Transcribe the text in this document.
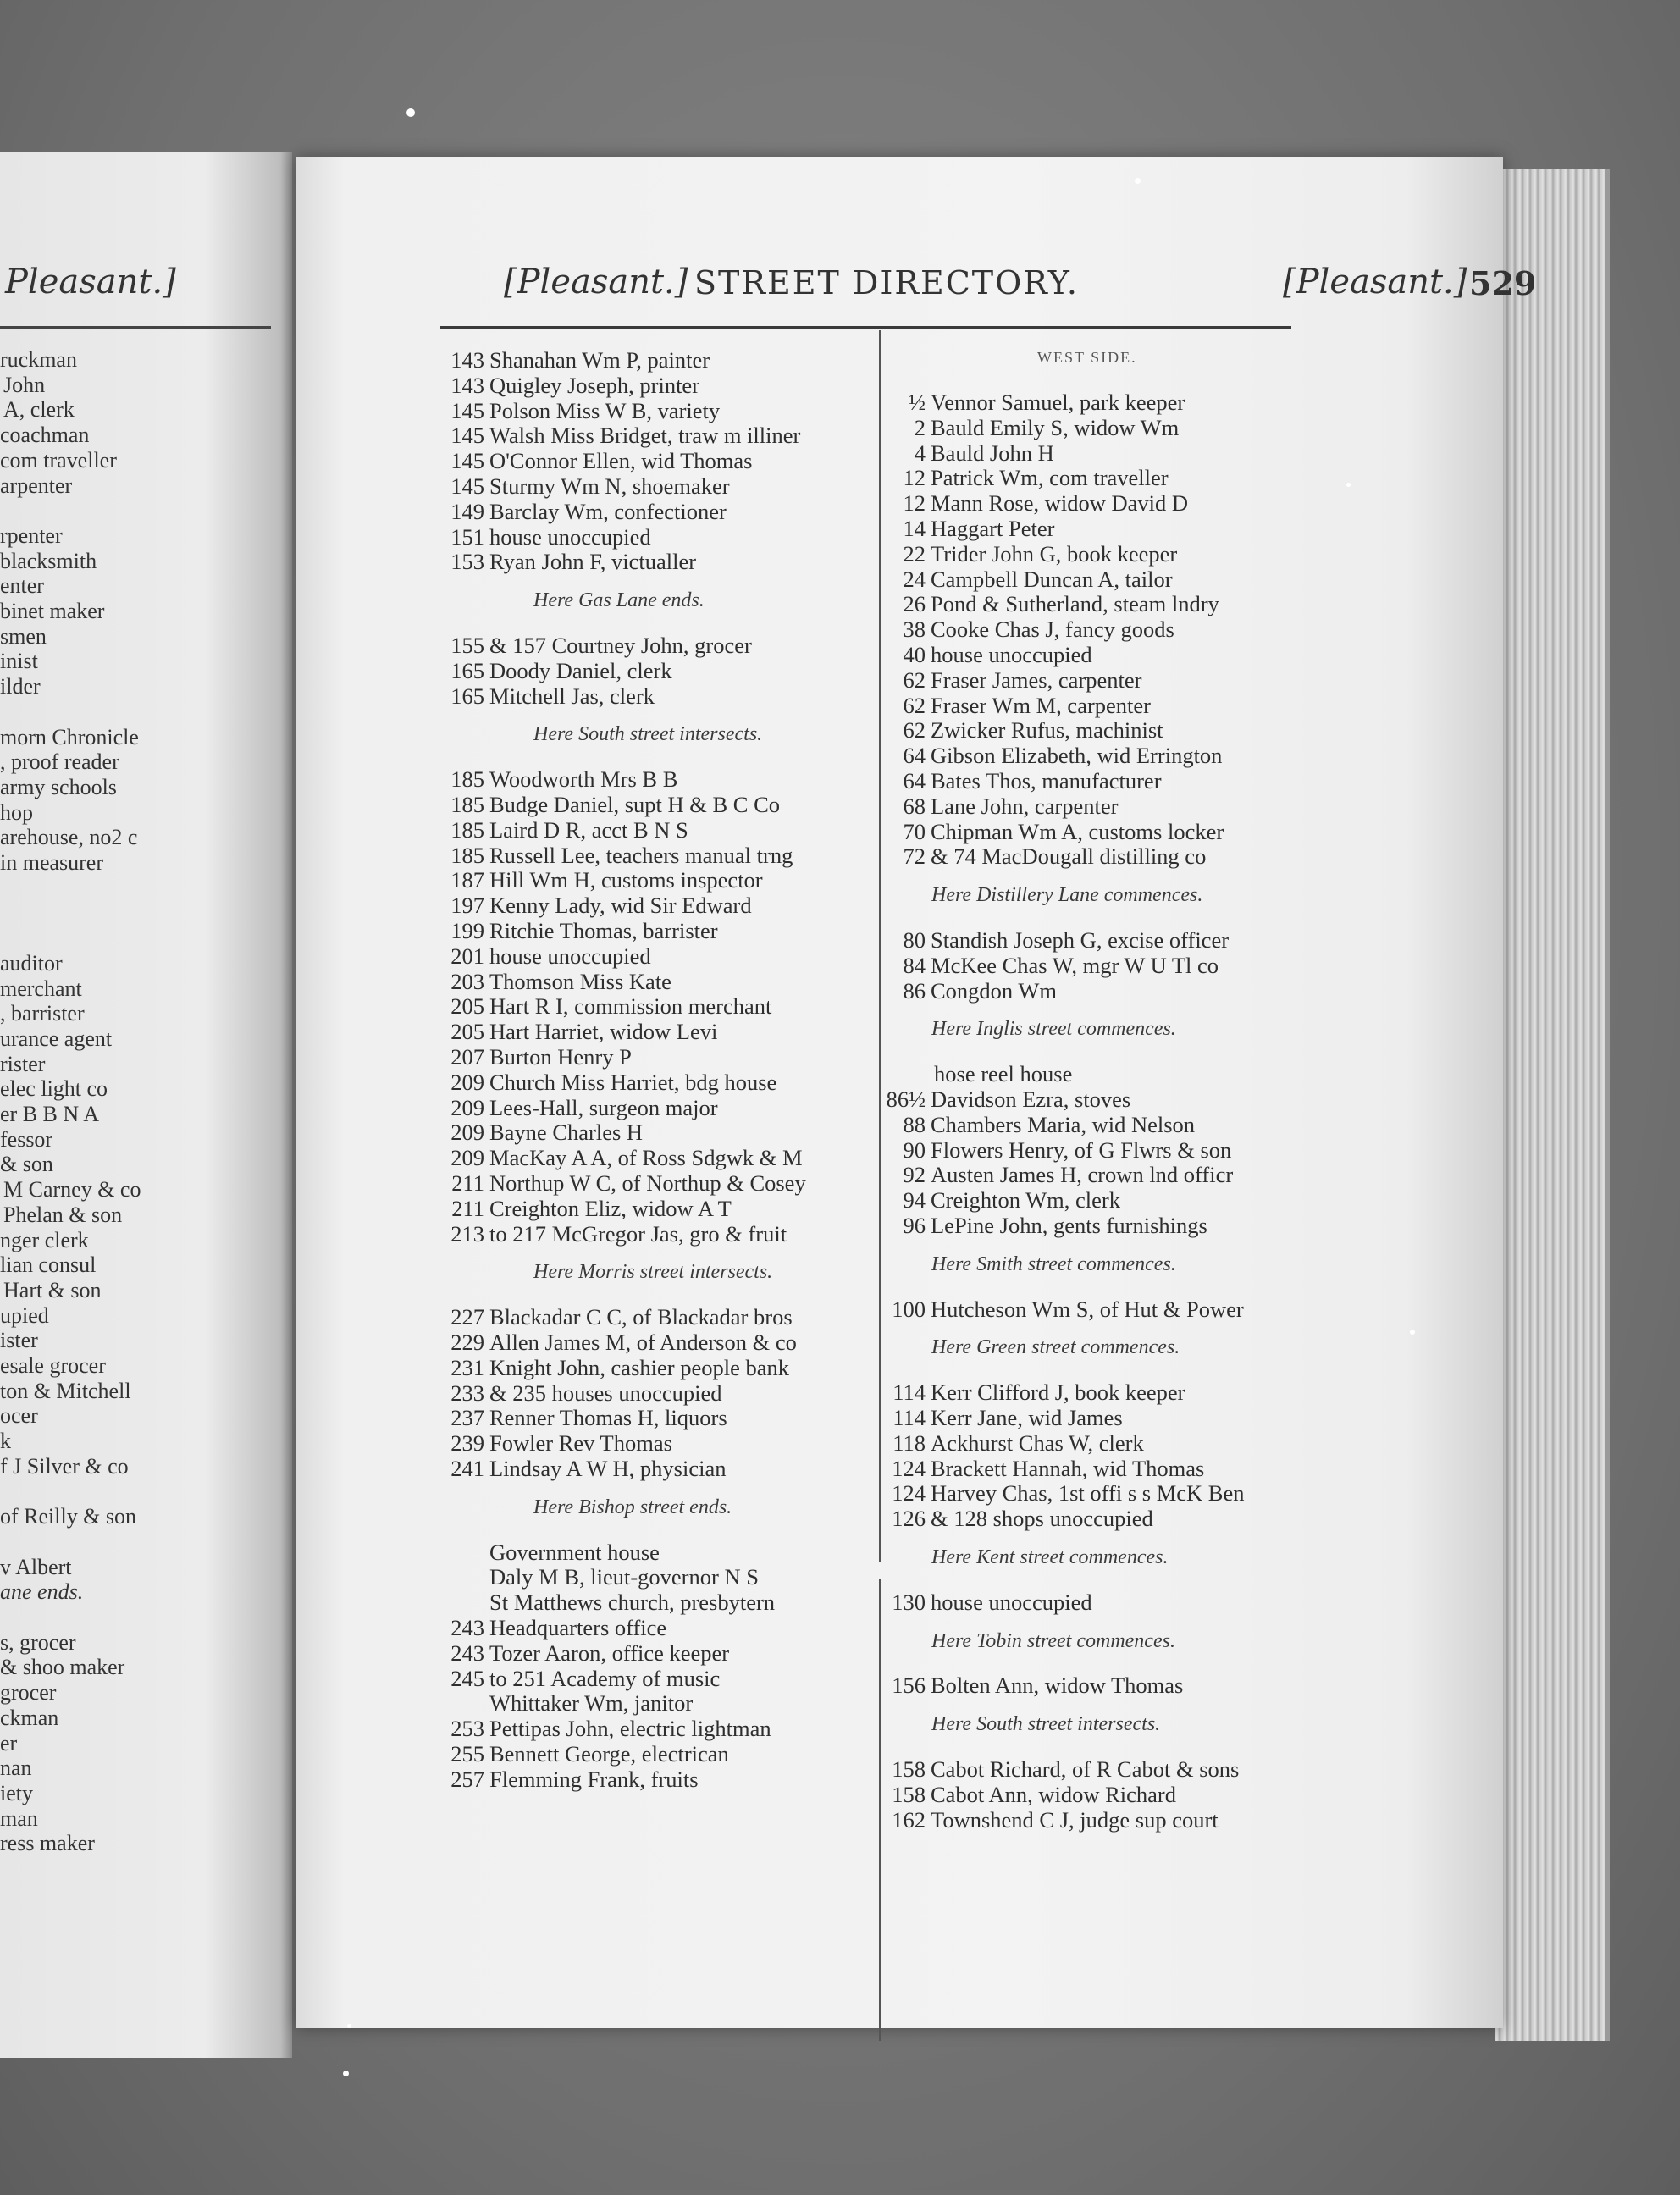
Pleasant.]
ruckman
John
A, clerk
coachman
com traveller
arpenter
rpenter
blacksmith
enter
binet maker
smen
inist
ilder
morn Chronicle
, proof reader
army schools
hop
arehouse, no2 c
in measurer
auditor
merchant
, barrister
urance agent
rister
elec light co
er B B N A
fessor
& son
M Carney & co
Phelan & son
nger clerk
lian consul
Hart & son
upied
ister
esale grocer
ton & Mitchell
ocer
k
f J Silver & co
of Reilly & son
v Albert
ane ends.
s, grocer
& shoo maker
grocer
ckman
er
nan
iety
man
ress maker
[Pleasant.] STREET DIRECTORY.	[Pleasant.] 529
143 Shanahan Wm P, painter
143 Quigley Joseph, printer
145 Polson Miss W B, variety
145 Walsh Miss Bridget, traw m illiner
145 O'Connor Ellen, wid Thomas
145 Sturmy Wm N, shoemaker
149 Barclay Wm, confectioner
151 house unoccupied
153 Ryan John F, victualler
Here Gas Lane ends.
155 & 157 Courtney John, grocer
165 Doody Daniel, clerk
165 Mitchell Jas, clerk
Here South street intersects.
185 Woodworth Mrs B B
185 Budge Daniel, supt H & B C Co
185 Laird D R, acct B N S
185 Russell Lee, teachers manual trng
187 Hill Wm H, customs inspector
197 Kenny Lady, wid Sir Edward
199 Ritchie Thomas, barrister
201 house unoccupied
203 Thomson Miss Kate
205 Hart R I, commission merchant
205 Hart Harriet, widow Levi
207 Burton Henry P
209 Church Miss Harriet, bdg house
209 Lees-Hall, surgeon major
209 Bayne Charles H
209 MacKay A A, of Ross Sdgwk & M
211 Northup W C, of Northup & Cosey
211 Creighton Eliz, widow A T
213 to 217 McGregor Jas, gro & fruit
Here Morris street intersects.
227 Blackadar C C, of Blackadar bros
229 Allen James M, of Anderson & co
231 Knight John, cashier people bank
233 & 235 houses unoccupied
237 Renner Thomas H, liquors
239 Fowler Rev Thomas
241 Lindsay A W H, physician
Here Bishop street ends.
Government house
Daly M B, lieut-governor N S
St Matthews church, presbytern
243 Headquarters office
243 Tozer Aaron, office keeper
245 to 251 Academy of music
Whittaker Wm, janitor
253 Pettipas John, electric lightman
255 Bennett George, electrican
257 Flemming Frank, fruits
WEST SIDE.
½ Vennor Samuel, park keeper
2 Bauld Emily S, widow Wm
4 Bauld John H
12 Patrick Wm, com traveller
12 Mann Rose, widow David D
14 Haggart Peter
22 Trider John G, book keeper
24 Campbell Duncan A, tailor
26 Pond & Sutherland, steam lndry
38 Cooke Chas J, fancy goods
40 house unoccupied
62 Fraser James, carpenter
62 Fraser Wm M, carpenter
62 Zwicker Rufus, machinist
64 Gibson Elizabeth, wid Errington
64 Bates Thos, manufacturer
68 Lane John, carpenter
70 Chipman Wm A, customs locker
72 & 74 MacDougall distilling co
Here Distillery Lane commences.
80 Standish Joseph G, excise officer
84 McKee Chas W, mgr W U Tl co
86 Congdon Wm
Here Inglis street commences.
hose reel house
86½ Davidson Ezra, stoves
88 Chambers Maria, wid Nelson
90 Flowers Henry, of G Flwrs & son
92 Austen James H, crown lnd officr
94 Creighton Wm, clerk
96 LePine John, gents furnishings
Here Smith street commences.
100 Hutcheson Wm S, of Hut & Power
Here Green street commences.
114 Kerr Clifford J, book keeper
114 Kerr Jane, wid James
118 Ackhurst Chas W, clerk
124 Brackett Hannah, wid Thomas
124 Harvey Chas, 1st offi s s McK Ben
126 & 128 shops unoccupied
Here Kent street commences.
130 house unoccupied
Here Tobin street commences.
156 Bolten Ann, widow Thomas
Here South street intersects.
158 Cabot Richard, of R Cabot & sons
158 Cabot Ann, widow Richard
162 Townshend C J, judge sup court
